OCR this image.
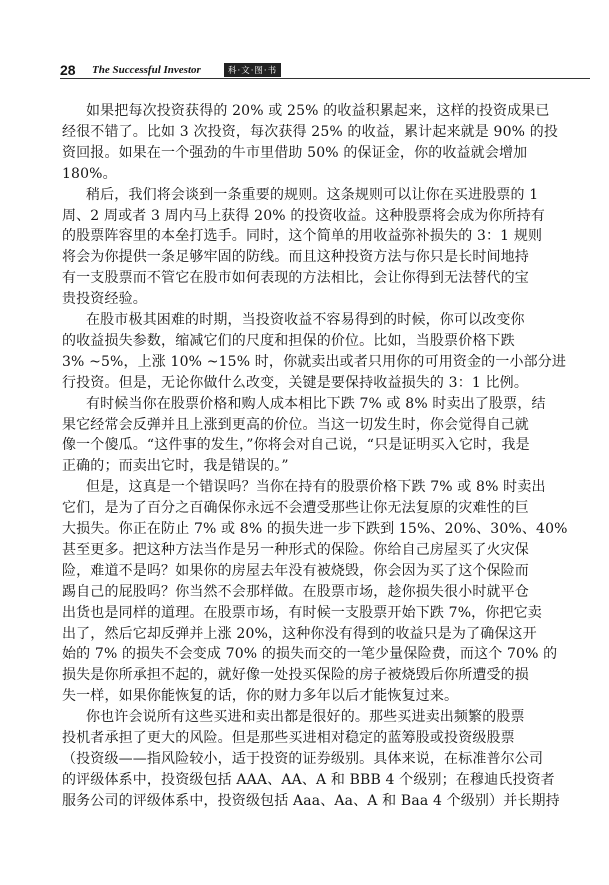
28 The Successful Investor	科·文·图·书
如果把每次投资获得的 20% 或 25% 的收益积累起来，这样的投资成果已
经很不错了。比如 3 次投资，每次获得 25% 的收益，累计起来就是 90% 的投
资回报。如果在一个强劲的牛市里借助 50% 的保证金，你的收益就会增加
180%。
稍后，我们将会谈到一条重要的规则。这条规则可以让你在买进股票的 1
周、2 周或者 3 周内马上获得 20% 的投资收益。这种股票将会成为你所持有
的股票阵容里的本垒打选手。同时，这个简单的用收益弥补损失的 3：1 规则
将会为你提供一条足够牢固的防线。而且这种投资方法与你只是长时间地持
有一支股票而不管它在股市如何表现的方法相比，会让你得到无法替代的宝
贵投资经验。
在股市极其困难的时期，当投资收益不容易得到的时候，你可以改变你
的收益损失参数，缩减它们的尺度和担保的价位。比如，当股票价格下跌
3% ~5%，上涨 10% ~15% 时，你就卖出或者只用你的可用资金的一小部分进
行投资。但是，无论你做什么改变，关键是要保持收益损失的 3：1 比例。
有时候当你在股票价格和购人成本相比下跌 7% 或 8% 时卖出了股票，结
果它经常会反弹并且上涨到更高的价位。当这一切发生时，你会觉得自己就
像一个傻瓜。“这件事的发生，”你将会对自己说，“只是证明买入它时，我是
正确的；而卖出它时，我是错误的。”
但是，这真是一个错误吗？当你在持有的股票价格下跌 7% 或 8% 时卖出
它们，是为了百分之百确保你永远不会遭受那些让你无法复原的灾难性的巨
大损失。你正在防止 7% 或 8% 的损失进一步下跌到 15%、20%、30%、40%
甚至更多。把这种方法当作是另一种形式的保险。你给自己房屋买了火灾保
险，难道不是吗？如果你的房屋去年没有被烧毁，你会因为买了这个保险而
踢自己的屁股吗？你当然不会那样做。在股票市场，趁你损失很小时就平仓
出货也是同样的道理。在股票市场，有时候一支股票开始下跌 7%，你把它卖
出了，然后它却反弹并上涨 20%，这种你没有得到的收益只是为了确保这开
始的 7% 的损失不会变成 70% 的损失而交的一笔少量保险费，而这个 70% 的
损失是你所承担不起的，就好像一处投买保险的房子被烧毁后你所遭受的损
失一样，如果你能恢复的话，你的财力多年以后才能恢复过来。
你也许会说所有这些买进和卖出都是很好的。那些买进卖出频繁的股票
投机者承担了更大的风险。但是那些买进相对稳定的蓝筹股或投资级股票
（投资级——指风险较小，适于投资的证券级别。具体来说，在标准普尔公司
的评级体系中，投资级包括 AAA、AA、A 和 BBB 4 个级别；在穆迪氏投资者
服务公司的评级体系中，投资级包括 Aaa、Aa、A 和 Baa 4 个级别）并长期持
